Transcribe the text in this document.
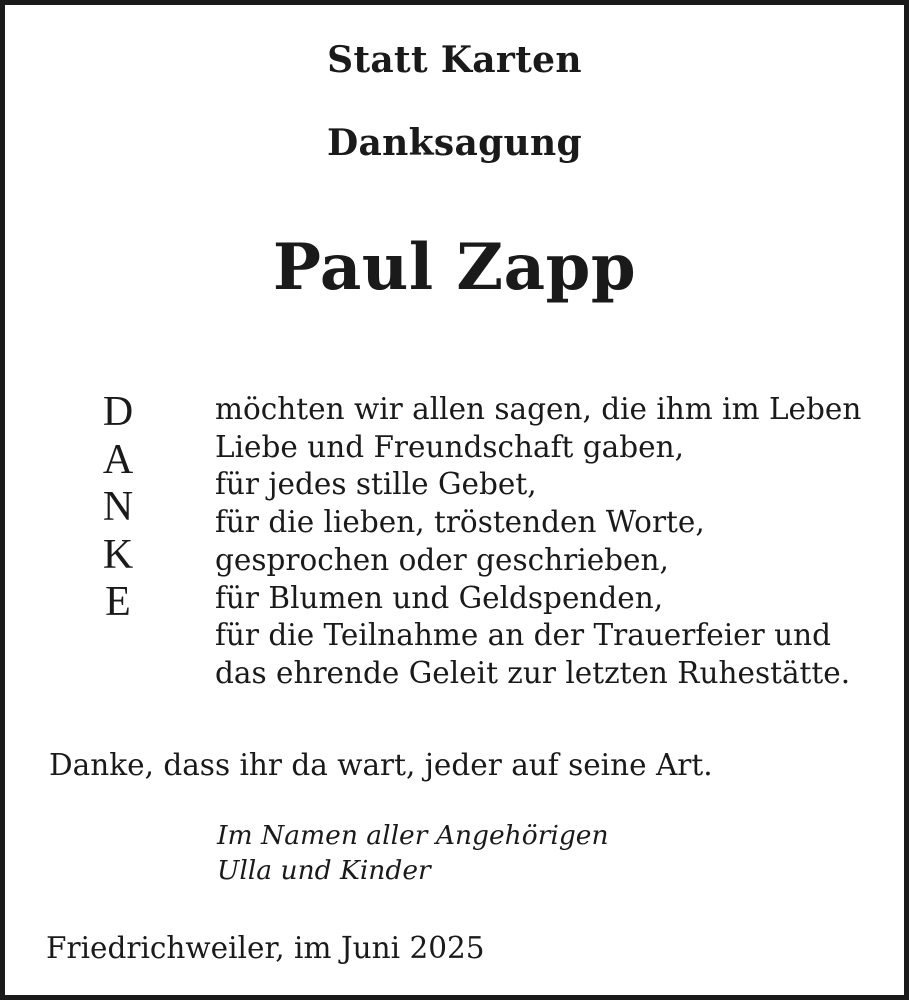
Statt Karten
Danksagung
Paul Zapp
D
A
N
K
E
möchten wir allen sagen, die ihm im Leben
Liebe und Freundschaft gaben,
für jedes stille Gebet,
für die lieben, tröstenden Worte,
gesprochen oder geschrieben,
für Blumen und Geldspenden,
für die Teilnahme an der Trauerfeier und
das ehrende Geleit zur letzten Ruhestätte.
Danke, dass ihr da wart, jeder auf seine Art.
Im Namen aller Angehörigen
Ulla und Kinder
Friedrichweiler, im Juni 2025
